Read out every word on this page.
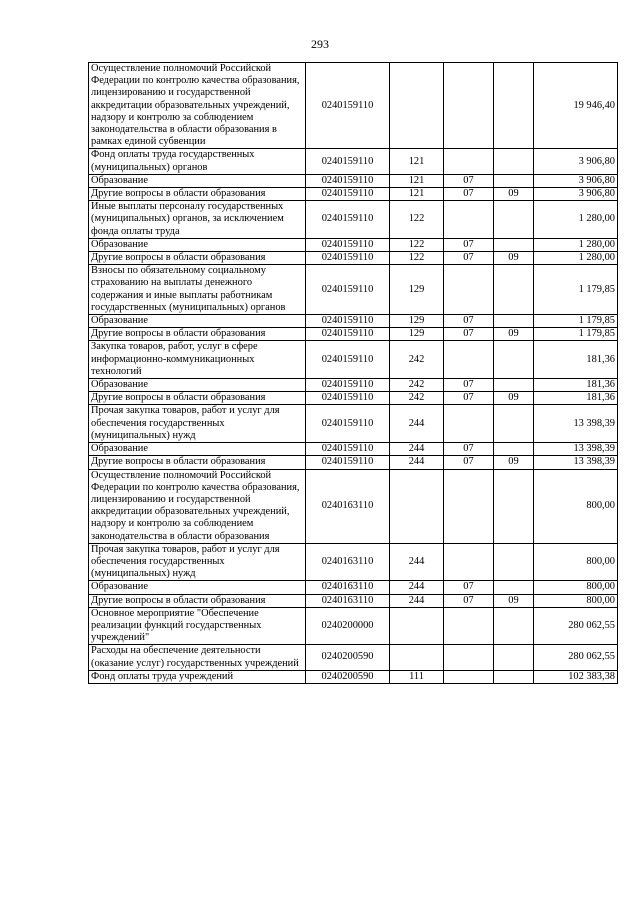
293
Осуществление полномочий Российской Федерации по контролю качества образования, лицензированию и государственной аккредитации образовательных учреждений, надзору и контролю за соблюдением законодательства в области образования в рамках единой субвенции	0240159110				19 946,40
Фонд оплаты труда государственных (муниципальных) органов	0240159110	121			3 906,80
Образование	0240159110	121	07		3 906,80
Другие вопросы в области образования	0240159110	121	07	09	3 906,80
Иные выплаты персоналу государственных (муниципальных) органов, за исключением фонда оплаты труда	0240159110	122			1 280,00
Образование	0240159110	122	07		1 280,00
Другие вопросы в области образования	0240159110	122	07	09	1 280,00
Взносы по обязательному социальному страхованию на выплаты денежного содержания и иные выплаты работникам государственных (муниципальных) органов	0240159110	129			1 179,85
Образование	0240159110	129	07		1 179,85
Другие вопросы в области образования	0240159110	129	07	09	1 179,85
Закупка товаров, работ, услуг в сфере информационно-коммуникационных технологий	0240159110	242			181,36
Образование	0240159110	242	07		181,36
Другие вопросы в области образования	0240159110	242	07	09	181,36
Прочая закупка товаров, работ и услуг для обеспечения государственных (муниципальных) нужд	0240159110	244			13 398,39
Образование	0240159110	244	07		13 398,39
Другие вопросы в области образования	0240159110	244	07	09	13 398,39
Осуществление полномочий Российской Федерации по контролю качества образования, лицензированию и государственной аккредитации образовательных учреждений, надзору и контролю за соблюдением законодательства в области образования	0240163110				800,00
Прочая закупка товаров, работ и услуг для обеспечения государственных (муниципальных) нужд	0240163110	244			800,00
Образование	0240163110	244	07		800,00
Другие вопросы в области образования	0240163110	244	07	09	800,00
Основное мероприятие "Обеспечение реализации функций государственных учреждений"	0240200000				280 062,55
Расходы на обеспечение деятельности (оказание услуг) государственных учреждений	0240200590				280 062,55
Фонд оплаты труда учреждений	0240200590	111			102 383,38
